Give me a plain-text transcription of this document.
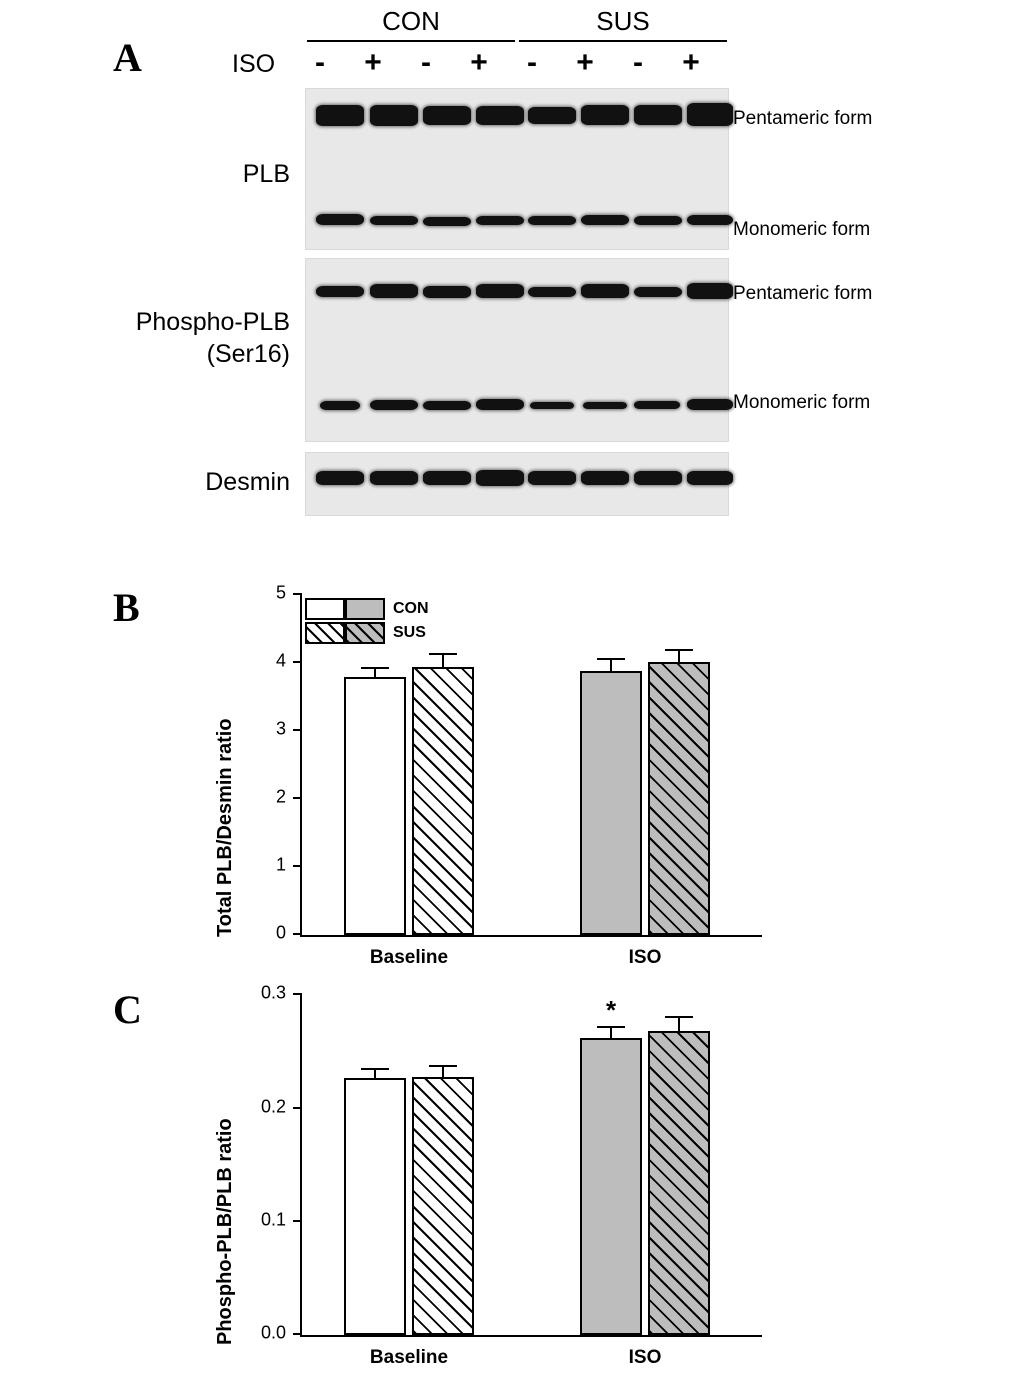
A
CON	SUS
ISO	-	+	-	+	-	+	-	+
Pentameric form
Monomeric form
PLB
Pentameric form
Monomeric form
Phospho-PLB
(Ser16)
Desmin
B
Total PLB/Desmin ratio 0
1
2
3
4
5
Baseline	ISO
CON
SUS
C
Phospho-PLB/PLB ratio 0.0
0.1
0.2
0.3
*
Baseline	ISO
